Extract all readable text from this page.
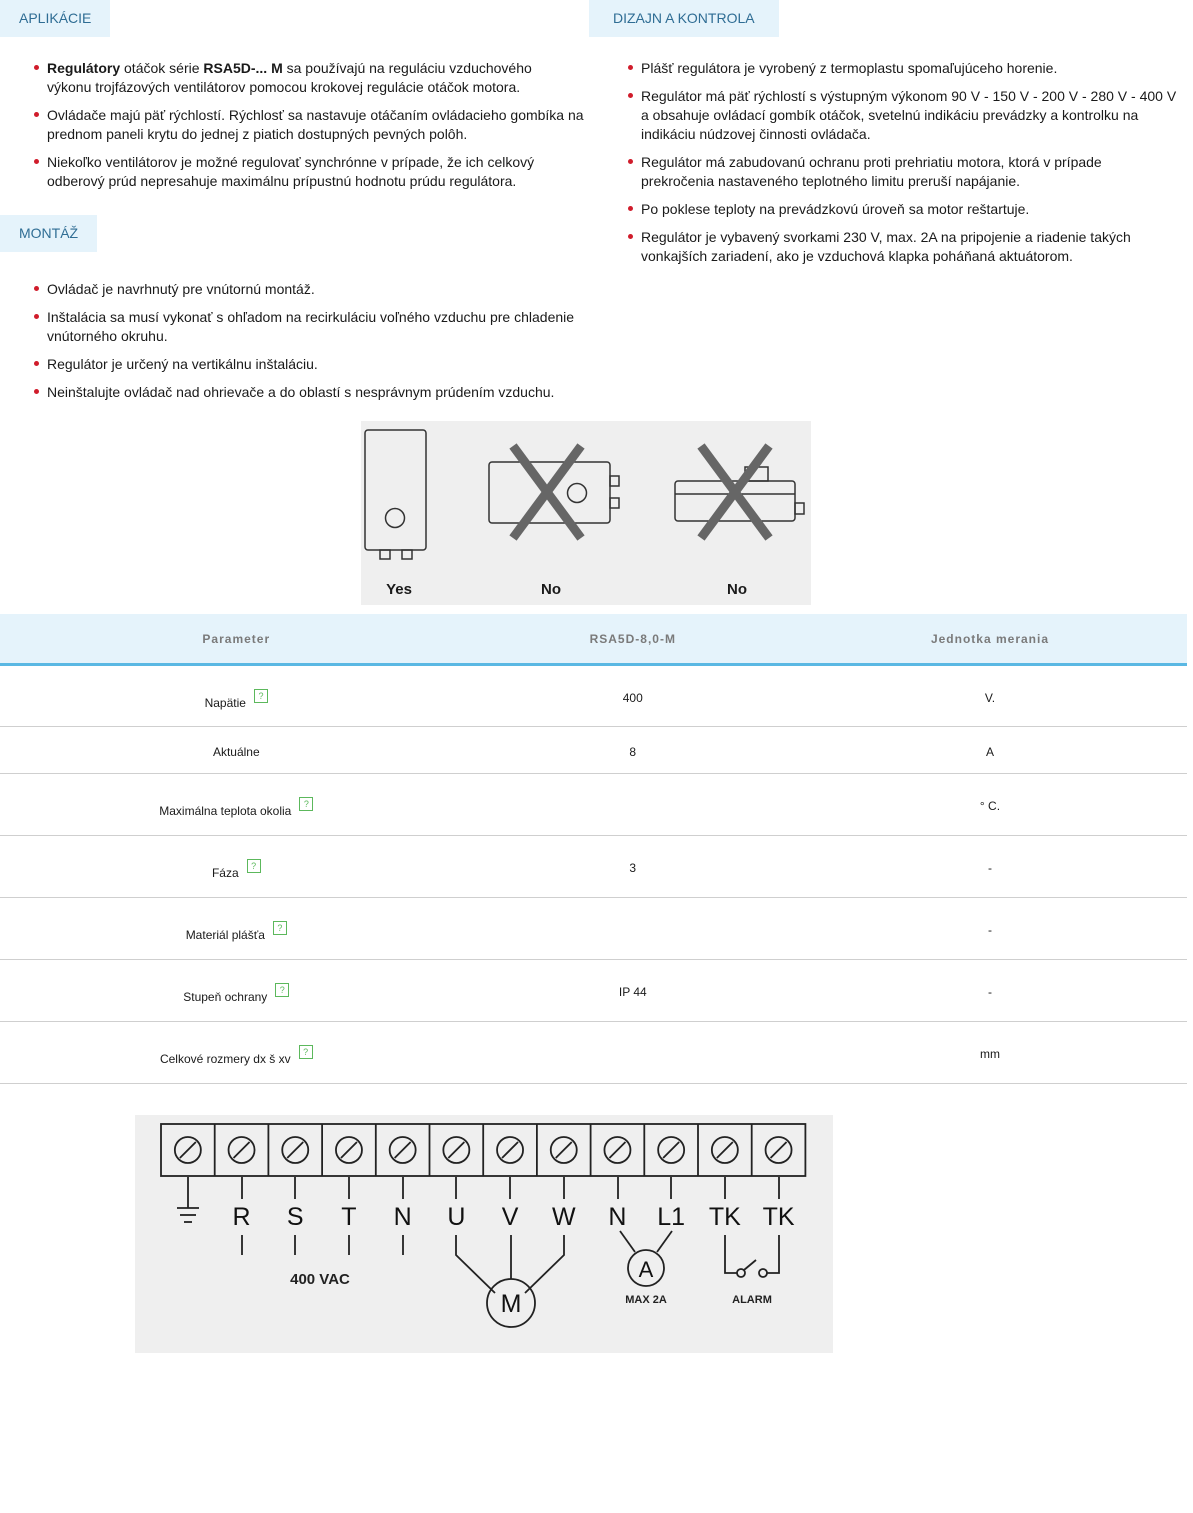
APLIKÁCIE
MONTÁŽ
DIZAJN A KONTROLA
Regulátory otáčok série RSA5D-... M sa používajú na reguláciu vzduchového
výkonu trojfázových ventilátorov pomocou krokovej regulácie otáčok motora.
Ovládače majú päť rýchlostí. Rýchlosť sa nastavuje otáčaním ovládacieho gombíka na
prednom paneli krytu do jednej z piatich dostupných pevných polôh.
Niekoľko ventilátorov je možné regulovať synchrónne v prípade, že ich celkový
odberový prúd nepresahuje maximálnu prípustnú hodnotu prúdu regulátora.
Ovládač je navrhnutý pre vnútornú montáž.
Inštalácia sa musí vykonať s ohľadom na recirkuláciu voľného vzduchu pre chladenie
vnútorného okruhu.
Regulátor je určený na vertikálnu inštaláciu.
Neinštalujte ovládač nad ohrievače a do oblastí s nesprávnym prúdením vzduchu.
Plášť regulátora je vyrobený z termoplastu spomaľujúceho horenie.
Regulátor má päť rýchlostí s výstupným výkonom 90 V - 150 V - 200 V - 280 V - 400 V
a obsahuje ovládací gombík otáčok, svetelnú indikáciu prevádzky a kontrolku na
indikáciu núdzovej činnosti ovládača.
Regulátor má zabudovanú ochranu proti prehriatiu motora, ktorá v prípade
prekročenia nastaveného teplotného limitu preruší napájanie.
Po poklese teploty na prevádzkovú úroveň sa motor reštartuje.
Regulátor je vybavený svorkami 230 V, max. 2A na pripojenie a riadenie takých
vonkajších zariadení, ako je vzduchová klapka poháňaná aktuátorom.
Yes	No	No
Parameter	RSA5D-8,0-M	Jednotka merania
Napätie ?	400	V.
Aktuálne	8	A
Maximálna teplota okolia ?		° C.
Fáza ?	3	-
Materiál plášťa ?		-
Stupeň ochrany ?	IP 44	-
Celkové rozmery dx š xv ?		mm
R S T N U V W N L1 TK TK
M
A
MAX 2A	ALARM
400 VAC
